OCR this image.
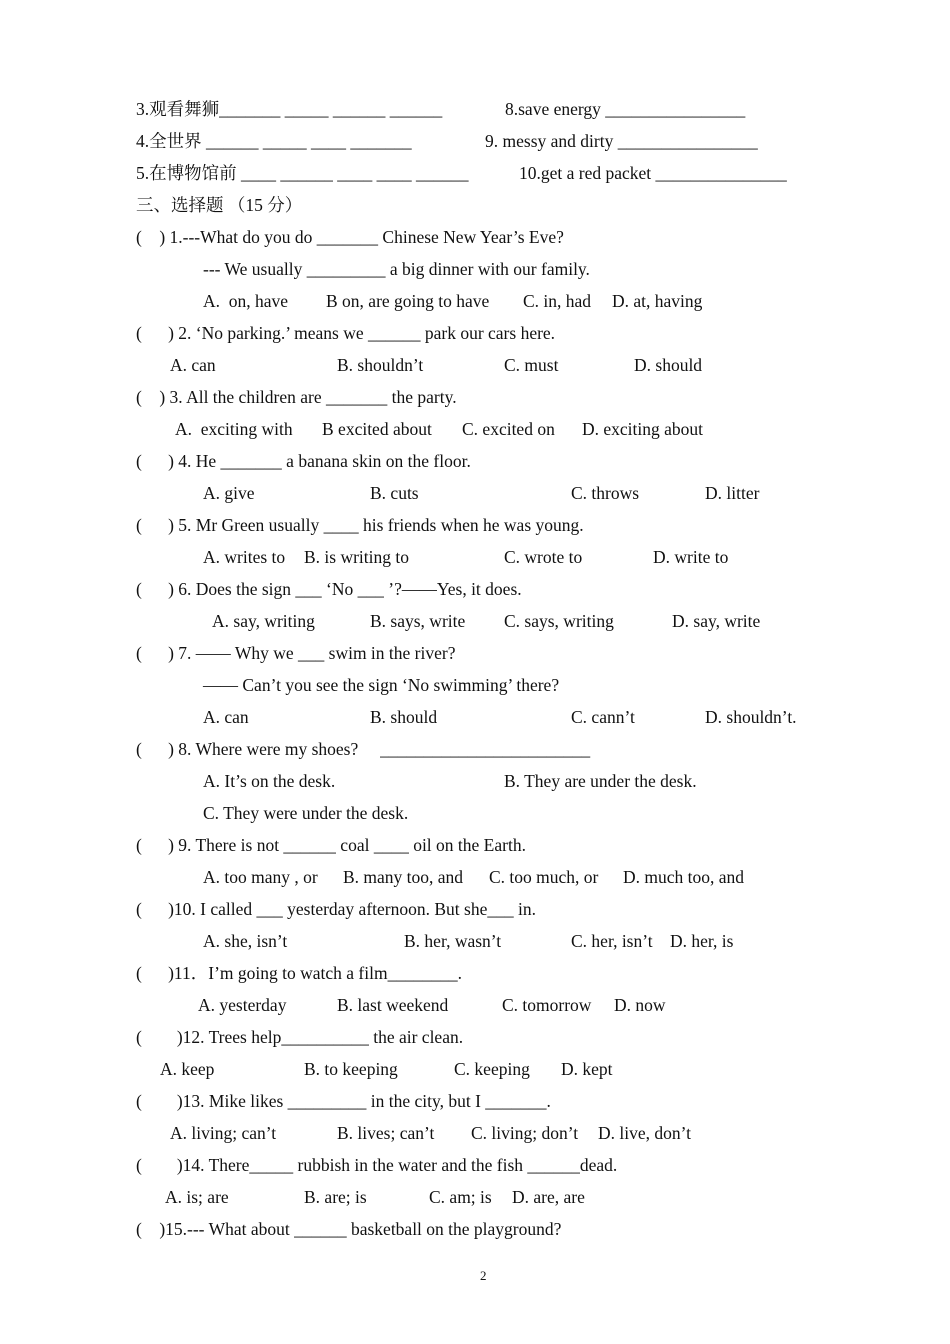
3.观看舞狮_______ _____ ______ ______	8.save energy ________________
4.全世界 ______ _____ ____ _______	9. messy and dirty ________________
5.在博物馆前 ____ ______ ____ ____ ______	10.get a red packet _______________
三、选择题 （15 分）
(    ) 1.---What do you do _______ Chinese New Year’s Eve?
--- We usually _________ a big dinner with our family.
A.  on, have B on, are going to have C. in, had D. at, having
(      ) 2. ‘No parking.’ means we ______ park our cars here.
A. can	B. shouldn’t	C. must	D. should
(    ) 3. All the children are _______ the party.
A.  exciting with B excited about C. excited on D. exciting about
(      ) 4. He _______ a banana skin on the floor.
A. give	B. cuts	C. throws	D. litter
(      ) 5. Mr Green usually ____ his friends when he was young.
A. writes to B. is writing to	C. wrote to	D. write to
(      ) 6. Does the sign ___ ‘No ___ ’?——Yes, it does.
A. say, writing	B. says, write C. says, writing	D. say, write
(      ) 7. —— Why we ___ swim in the river?
—— Can’t you see the sign ‘No swimming’ there?
A. can	B. should	C. cann’t	D. shouldn’t.
(      ) 8. Where were my shoes?     ________________________
A. It’s on the desk.	B. They are under the desk.
C. They were under the desk.
(      ) 9. There is not ______ coal ____ oil on the Earth.
A. too many , or B. many too, and C. too much, or D. much too, and
(      )10. I called ___ yesterday afternoon. But she___ in.
A. she, isn’t	B. her, wasn’t	C. her, isn’t D. her, is
(      )11．I’m going to watch a film________.
A. yesterday	B. last weekend	C. tomorrow D. now
(        )12. Trees help__________ the air clean.
A. keep	B. to keeping	C. keeping D. kept
(        )13. Mike likes _________ in the city, but I _______.
A. living; can’t	B. lives; can’t C. living; don’t D. live, don’t
(        )14. There_____ rubbish in the water and the fish ______dead.
A. is; are	B. are; is	C. am; is D. are, are
(    )15.--- What about ______ basketball on the playground?
2
